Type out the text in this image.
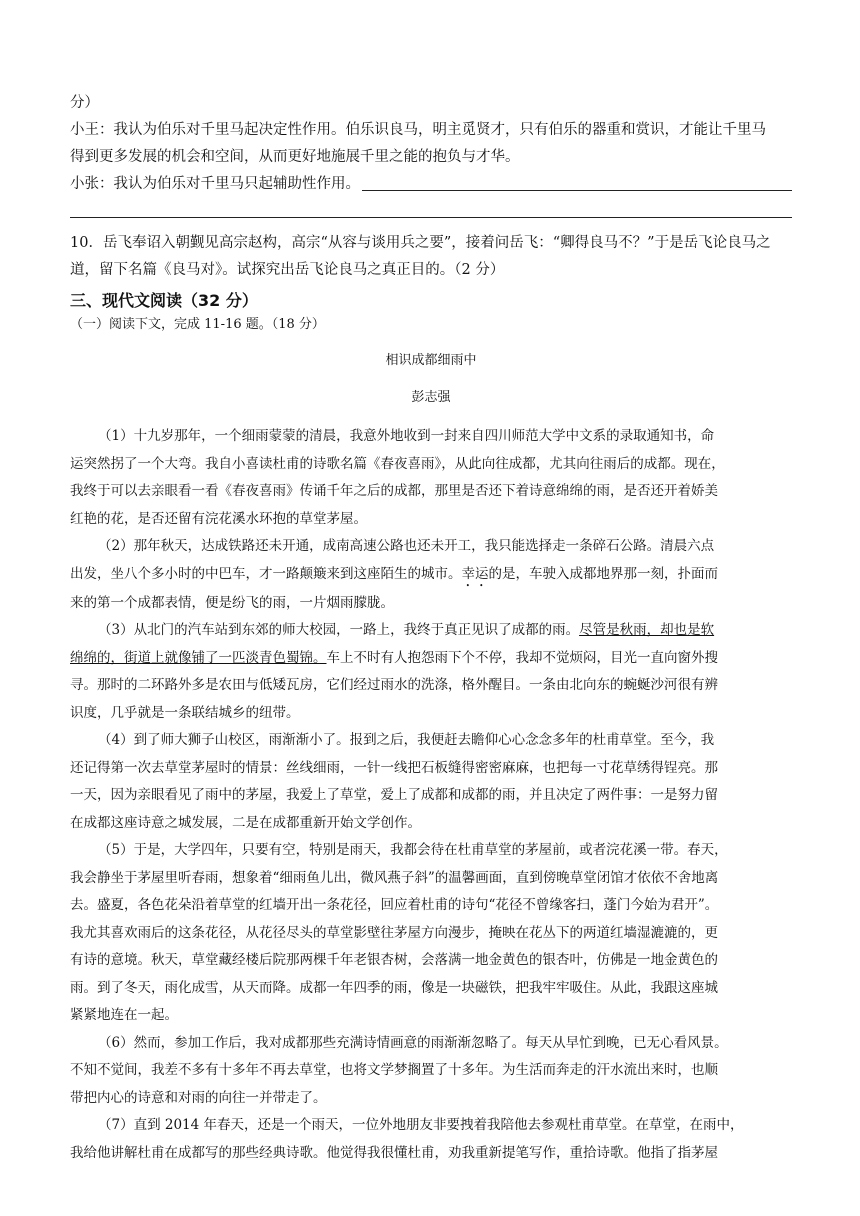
分）

小王：我认为伯乐对千里马起决定性作用。伯乐识良马，明主觅贤才，只有伯乐的器重和赏识，才能让千里马

得到更多发展的机会和空间，从而更好地施展千里之能的抱负与才华。

小张：我认为伯乐对千里马只起辅助性作用。

10．岳飞奉诏入朝觐见高宗赵构，高宗“从容与谈用兵之要”，接着问岳飞：“卿得良马不？”于是岳飞论良马之

道，留下名篇《良马对》。试探究出岳飞论良马之真正目的。（2 分）

三、现代文阅读（32 分）

（一）阅读下文，完成 11-16 题。（18 分）

相识成都细雨中

彭志强

（1）十九岁那年，一个细雨蒙蒙的清晨，我意外地收到一封来自四川师范大学中文系的录取通知书，命

运突然拐了一个大弯。我自小喜读杜甫的诗歌名篇《春夜喜雨》，从此向往成都，尤其向往雨后的成都。现在，

我终于可以去亲眼看一看《春夜喜雨》传诵千年之后的成都，那里是否还下着诗意绵绵的雨，是否还开着娇美

红艳的花，是否还留有浣花溪水环抱的草堂茅屋。

（2）那年秋天，达成铁路还未开通，成南高速公路也还未开工，我只能选择走一条碎石公路。清晨六点

出发，坐八个多小时的中巴车，才一路颠簸来到这座陌生的城市。幸运的是，车驶入成都地界那一刻，扑面而

来的第一个成都表情，便是纷飞的雨，一片烟雨朦胧。

（3）从北门的汽车站到东郊的师大校园，一路上，我终于真正见识了成都的雨。尽管是秋雨，却也是软

绵绵的，街道上就像铺了一匹淡青色蜀锦。车上不时有人抱怨雨下个不停，我却不觉烦闷，目光一直向窗外搜

寻。那时的二环路外多是农田与低矮瓦房，它们经过雨水的洗涤，格外醒目。一条由北向东的蜿蜒沙河很有辨

识度，几乎就是一条联结城乡的纽带。

（4）到了师大狮子山校区，雨渐渐小了。报到之后，我便赶去瞻仰心心念念多年的杜甫草堂。至今，我

还记得第一次去草堂茅屋时的情景：丝线细雨，一针一线把石板缝得密密麻麻，也把每一寸花草绣得锃亮。那

一天，因为亲眼看见了雨中的茅屋，我爱上了草堂，爱上了成都和成都的雨，并且决定了两件事：一是努力留

在成都这座诗意之城发展，二是在成都重新开始文学创作。

（5）于是，大学四年，只要有空，特别是雨天，我都会待在杜甫草堂的茅屋前，或者浣花溪一带。春天，

我会静坐于茅屋里听春雨，想象着“细雨鱼儿出，微风燕子斜”的温馨画面，直到傍晚草堂闭馆才依依不舍地离

去。盛夏，各色花朵沿着草堂的红墙开出一条花径，回应着杜甫的诗句“花径不曾缘客扫，蓬门今始为君开”。

我尤其喜欢雨后的这条花径，从花径尽头的草堂影壁往茅屋方向漫步，掩映在花丛下的两道红墙湿漉漉的，更

有诗的意境。秋天，草堂藏经楼后院那两棵千年老银杏树，会落满一地金黄色的银杏叶，仿佛是一地金黄色的

雨。到了冬天，雨化成雪，从天而降。成都一年四季的雨，像是一块磁铁，把我牢牢吸住。从此，我跟这座城

紧紧地连在一起。

（6）然而，参加工作后，我对成都那些充满诗情画意的雨渐渐忽略了。每天从早忙到晚，已无心看风景。

不知不觉间，我差不多有十多年不再去草堂，也将文学梦搁置了十多年。为生活而奔走的汗水流出来时，也顺

带把内心的诗意和对雨的向往一并带走了。

（7）直到 2014 年春天，还是一个雨天，一位外地朋友非要拽着我陪他去参观杜甫草堂。在草堂，在雨中，

我给他讲解杜甫在成都写的那些经典诗歌。他觉得我很懂杜甫，劝我重新提笔写作，重拾诗歌。他指了指茅屋
